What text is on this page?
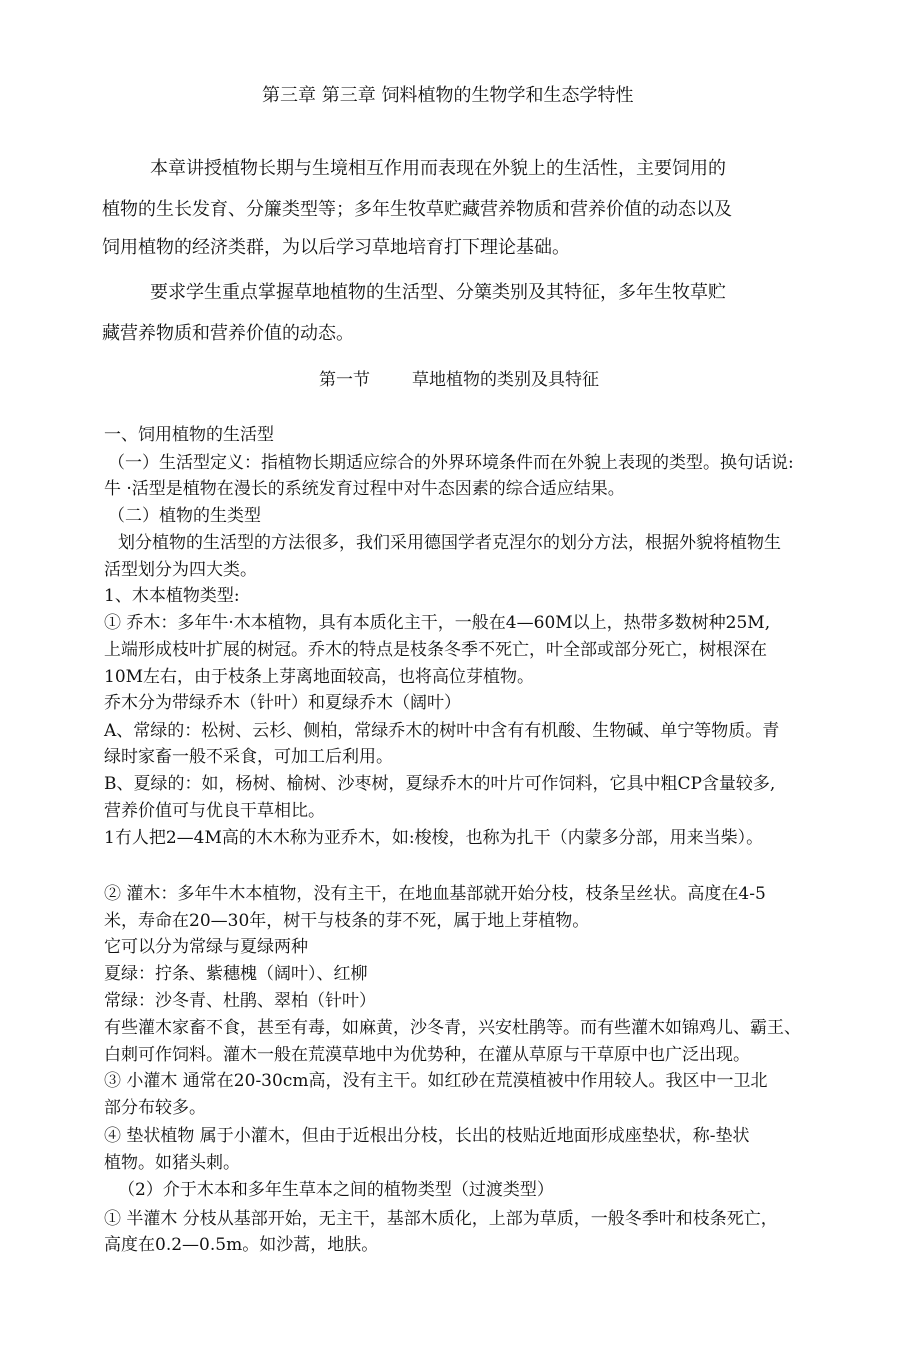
第三章 第三章 饲料植物的生物学和生态学特性
本章讲授植物长期与生境相互作用而表现在外貌上的生活性，主要饲用的
植物的生长发育、分簾类型等；多年生牧草贮藏营养物质和营养价值的动态以及
饲用植物的经济类群，为以后学习草地培育打下理论基础。
要求学生重点掌握草地植物的生活型、分篥类别及其特征，多年生牧草贮
藏营养物质和营养价值的动态。
第一节 草地植物的类别及具特征
一、饲用植物的生活型
（一）生活型定义：指植物长期适应综合的外界环境条件而在外貌上表现的类型。换句话说:
牛 ·活型是植物在漫长的系统发育过程中对牛态因素的综合适应结果。
（二）植物的生类型
划分植物的生活型的方法很多，我们采用德国学者克涅尔的划分方法，根据外貌将植物生
活型划分为四大类。
1、木本植物类型:
① 乔木：多年牛·木本植物，具有本质化主干，一般在4—60M以上，热带多数树种25M,
上端形成枝叶扩展的树冠。乔木的特点是枝条冬季不死亡，叶全部或部分死亡，树根深在
10M左右，由于枝条上芽离地面较高，也将高位芽植物。
乔木分为带绿乔木（针叶）和夏绿乔木（阔叶）
A、常绿的：松树、云杉、侧柏，常绿乔木的树叶中含有有机酸、生物碱、单宁等物质。青
绿时家畜一般不采食，可加工后利用。
B、夏绿的：如，杨树、榆树、沙枣树，夏绿乔木的叶片可作饲料，它具中粗CP含量较多,
营养价值可与优良干草相比。
1冇人把2—4M高的木木称为亚乔木，如:梭梭，也称为扎干（内蒙多分部，用来当柴）。
② 灌木：多年牛木本植物，没有主干，在地血基部就开始分枝，枝条呈丝状。高度在4-5
米，寿命在20—30年，树干与枝条的芽不死，属于地上芽植物。
它可以分为常绿与夏绿两种
夏绿：拧条、紫穗槐（阔叶）、红柳
常绿：沙冬青、杜鹃、翠柏（针叶）
有些灌木家畜不食，甚至有毒，如麻黄，沙冬青，兴安杜鹃等。而有些灌木如锦鸡儿、霸王、
白刺可作饲料。灌木一般在荒漠草地中为优势种，在灌从草原与干草原中也广泛出现。
③ 小灌木 通常在20-30cm高，没有主干。如红砂在荒漠植被中作用较人。我区中一卫北
部分布较多。
④ 垫状植物 属于小灌木，但由于近根出分枝，长出的枝贴近地面形成座垫状，称-垫状
植物。如猪头刺。
（2）介于木本和多年生草本之间的植物类型（过渡类型）
① 半灌木 分枝从基部开始，无主干，基部木质化，上部为草质，一般冬季叶和枝条死亡，
高度在0.2—0.5m。如沙蒿，地肤。
